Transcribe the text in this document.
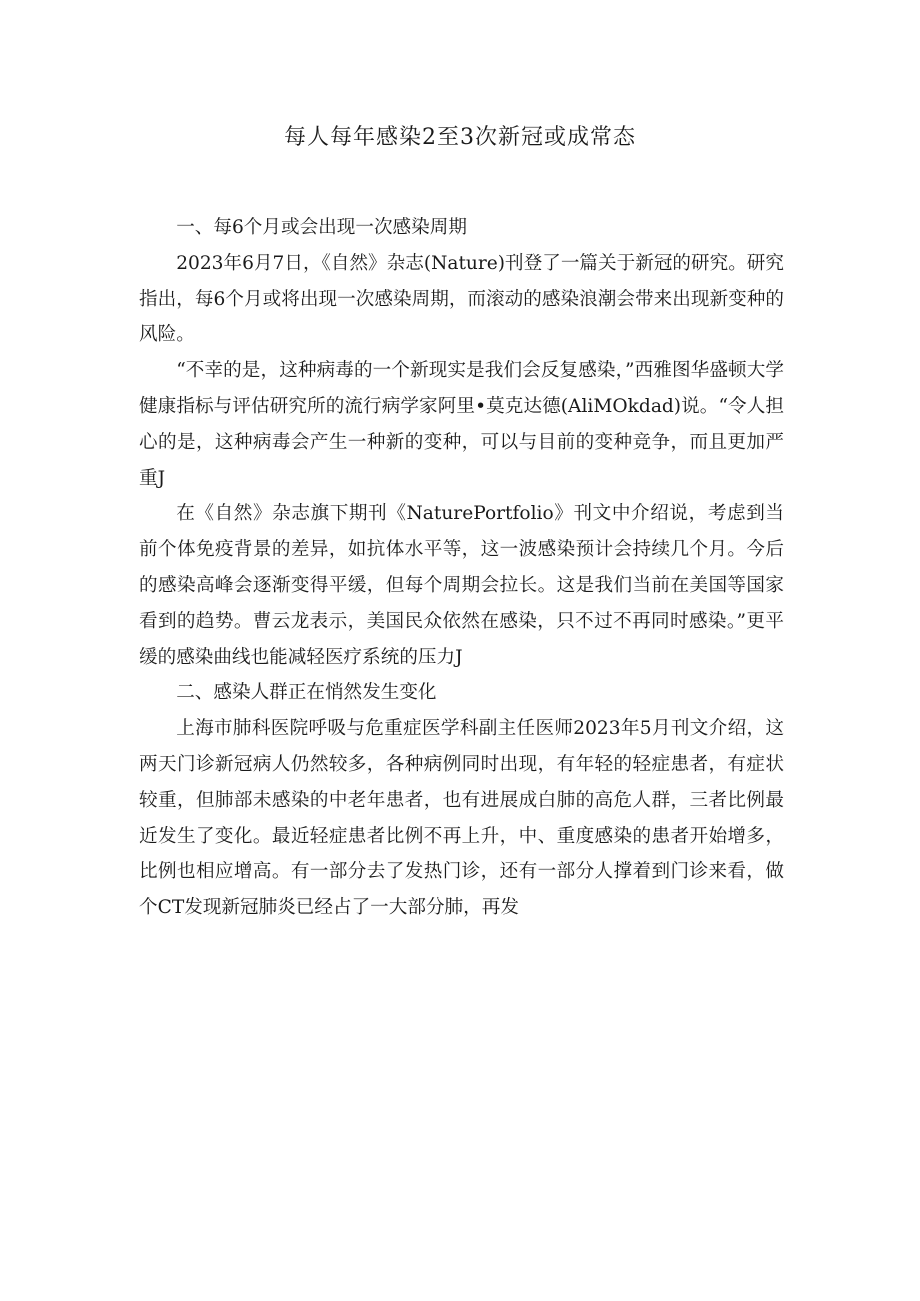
每人每年感染2至3次新冠或成常态

一、每6个月或会出现一次感染周期

2023年6月7日，《自然》杂志(Nature)刊登了一篇关于新冠的研究。研究指出，每6个月或将出现一次感染周期，而滚动的感染浪潮会带来出现新变种的风险。

“不幸的是，这种病毒的一个新现实是我们会反复感染，”西雅图华盛顿大学健康指标与评估研究所的流行病学家阿里•莫克达德(AliMOkdad)说。“令人担心的是，这种病毒会产生一种新的变种，可以与目前的变种竞争，而且更加严重J

在《自然》杂志旗下期刊《NaturePortfolio》刊文中介绍说，考虑到当前个体免疫背景的差异，如抗体水平等，这一波感染预计会持续几个月。今后的感染高峰会逐渐变得平缓，但每个周期会拉长。这是我们当前在美国等国家看到的趋势。曹云龙表示，美国民众依然在感染，只不过不再同时感染。”更平缓的感染曲线也能减轻医疗系统的压力J

二、感染人群正在悄然发生变化

上海市肺科医院呼吸与危重症医学科副主任医师2023年5月刊文介绍，这两天门诊新冠病人仍然较多，各种病例同时出现，有年轻的轻症患者，有症状较重，但肺部未感染的中老年患者，也有进展成白肺的高危人群，三者比例最近发生了变化。最近轻症患者比例不再上升，中、重度感染的患者开始增多，比例也相应增高。有一部分去了发热门诊，还有一部分人撑着到门诊来看，做个CT发现新冠肺炎已经占了一大部分肺，再发
